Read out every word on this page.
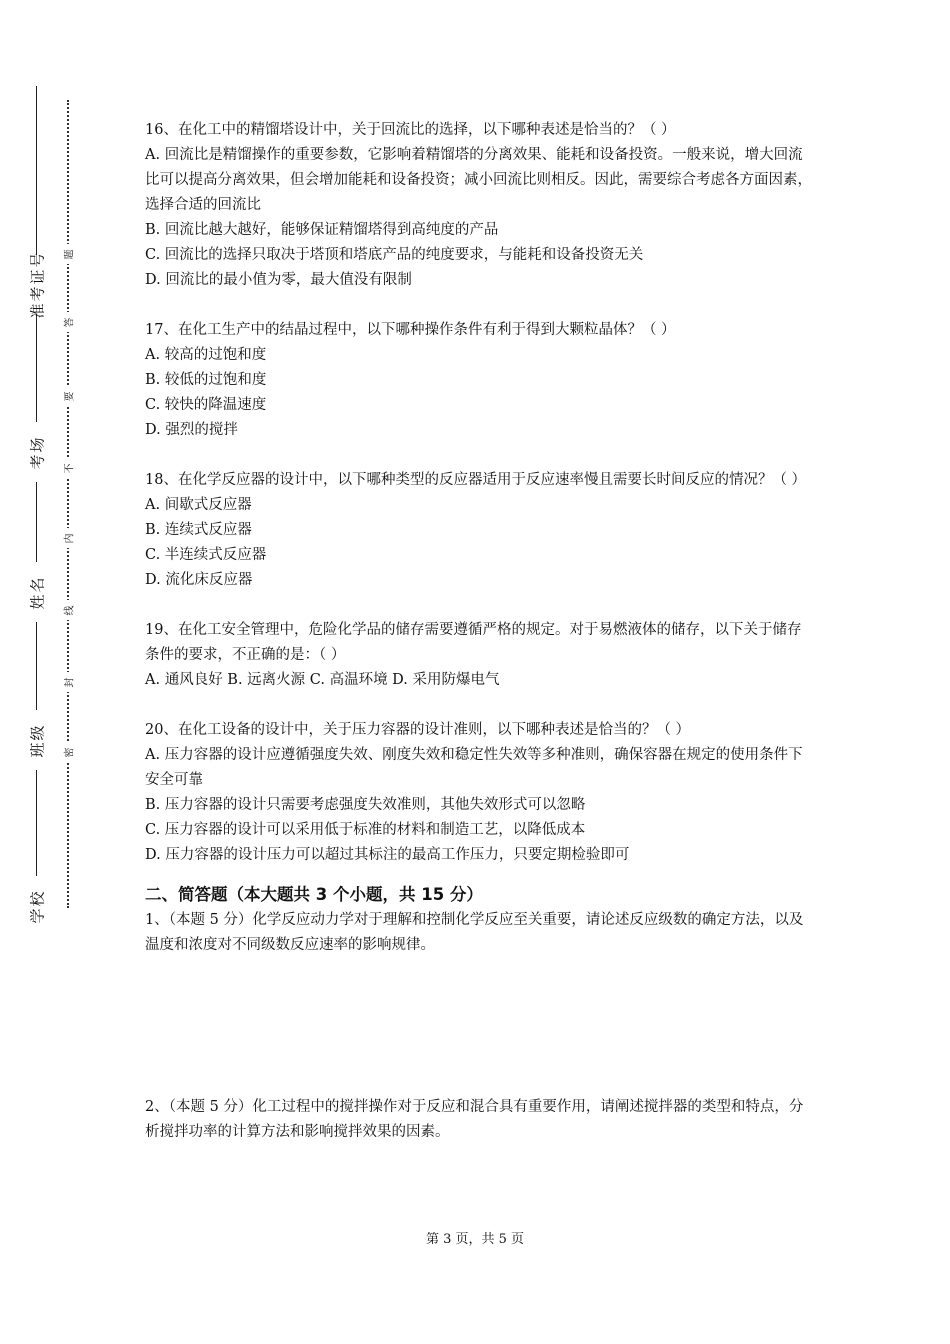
准考证号
考场
姓名
班级
学校
题
答
要
不
内
线
封
密

16、在化工中的精馏塔设计中，关于回流比的选择，以下哪种表述是恰当的？（ ）

A. 回流比是精馏操作的重要参数，它影响着精馏塔的分离效果、能耗和设备投资。一般来说，增大回流比可以提高分离效果，但会增加能耗和设备投资；减小回流比则相反。因此，需要综合考虑各方面因素，选择合适的回流比

B. 回流比越大越好，能够保证精馏塔得到高纯度的产品

C. 回流比的选择只取决于塔顶和塔底产品的纯度要求，与能耗和设备投资无关

D. 回流比的最小值为零，最大值没有限制

17、在化工生产中的结晶过程中，以下哪种操作条件有利于得到大颗粒晶体？（ ）

A. 较高的过饱和度

B. 较低的过饱和度

C. 较快的降温速度

D. 强烈的搅拌

18、在化学反应器的设计中，以下哪种类型的反应器适用于反应速率慢且需要长时间反应的情况？（ ）

A. 间歇式反应器

B. 连续式反应器

C. 半连续式反应器

D. 流化床反应器

19、在化工安全管理中，危险化学品的储存需要遵循严格的规定。对于易燃液体的储存，以下关于储存条件的要求，不正确的是：（ ）

A. 通风良好 B. 远离火源 C. 高温环境 D. 采用防爆电气

20、在化工设备的设计中，关于压力容器的设计准则，以下哪种表述是恰当的？（ ）

A. 压力容器的设计应遵循强度失效、刚度失效和稳定性失效等多种准则，确保容器在规定的使用条件下安全可靠

B. 压力容器的设计只需要考虑强度失效准则，其他失效形式可以忽略

C. 压力容器的设计可以采用低于标准的材料和制造工艺，以降低成本

D. 压力容器的设计压力可以超过其标注的最高工作压力，只要定期检验即可

二、简答题（本大题共 3 个小题，共 15 分）

1、（本题 5 分）化学反应动力学对于理解和控制化学反应至关重要，请论述反应级数的确定方法，以及温度和浓度对不同级数反应速率的影响规律。

2、（本题 5 分）化工过程中的搅拌操作对于反应和混合具有重要作用，请阐述搅拌器的类型和特点，分析搅拌功率的计算方法和影响搅拌效果的因素。

第 3 页，共 5 页
